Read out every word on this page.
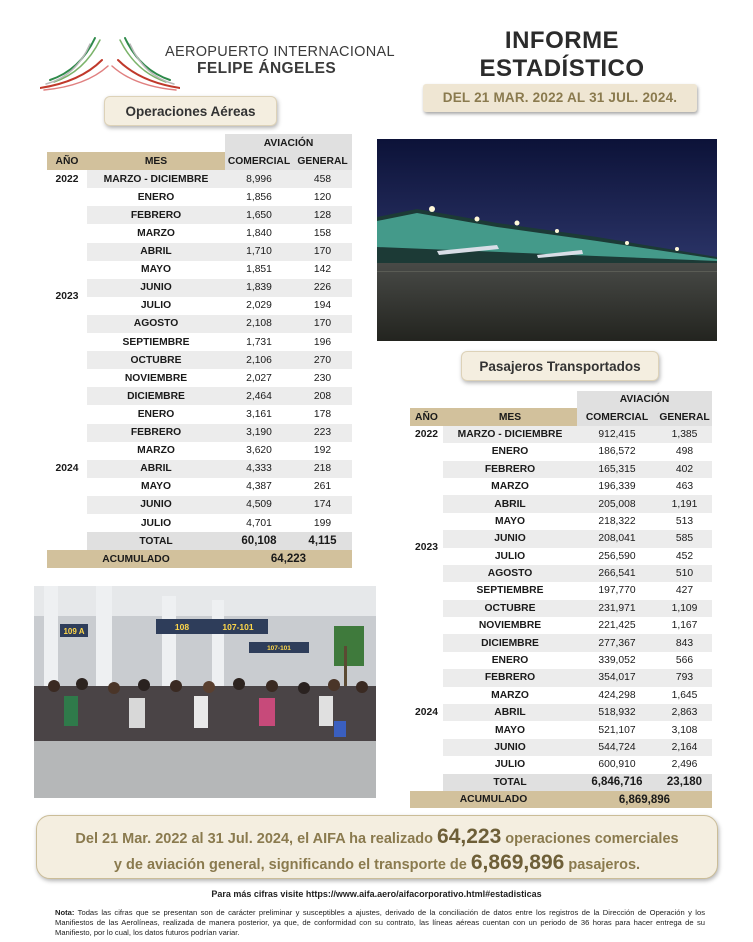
AEROPUERTO INTERNACIONAL
FELIPE ÁNGELES
INFORME
ESTADÍSTICO
DEL 21 MAR. 2022 AL 31 JUL. 2024.
Operaciones Aéreas
Pasajeros Transportados
		AVIACIÓN	
AÑO	MES	COMERCIAL	GENERAL
2022	MARZO - DICIEMBRE	8,996	458
2023	ENERO	1,856	120
	FEBRERO	1,650	128
	MARZO	1,840	158
	ABRIL	1,710	170
	MAYO	1,851	142
	JUNIO	1,839	226
	JULIO	2,029	194
	AGOSTO	2,108	170
	SEPTIEMBRE	1,731	196
	OCTUBRE	2,106	270
	NOVIEMBRE	2,027	230
	DICIEMBRE	2,464	208
2024	ENERO	3,161	178
	FEBRERO	3,190	223
	MARZO	3,620	192
	ABRIL	4,333	218
	MAYO	4,387	261
	JUNIO	4,509	174
	JULIO	4,701	199
	TOTAL	60,108	4,115
ACUMULADO		64,223	
		AVIACIÓN	
AÑO	MES	COMERCIAL	GENERAL
2022	MARZO - DICIEMBRE	912,415	1,385
2023	ENERO	186,572	498
	FEBRERO	165,315	402
	MARZO	196,339	463
	ABRIL	205,008	1,191
	MAYO	218,322	513
	JUNIO	208,041	585
	JULIO	256,590	452
	AGOSTO	266,541	510
	SEPTIEMBRE	197,770	427
	OCTUBRE	231,971	1,109
	NOVIEMBRE	221,425	1,167
	DICIEMBRE	277,367	843
2024	ENERO	339,052	566
	FEBRERO	354,017	793
	MARZO	424,298	1,645
	ABRIL	518,932	2,863
	MAYO	521,107	3,108
	JUNIO	544,724	2,164
	JULIO	600,910	2,496
	TOTAL	6,846,716	23,180
ACUMULADO		6,869,896	
109 A	108	107-101
107-101
Del 21 Mar. 2022 al 31 Jul. 2024, el AIFA ha realizado 64,223 operaciones comerciales
y de aviación general, significando el transporte de 6,869,896 pasajeros.
Para más cifras visite https://www.aifa.aero/aifacorporativo.html#estadisticas
Nota: Todas las cifras que se presentan son de carácter preliminar y susceptibles a ajustes, derivado de la conciliación de datos entre los registros de la Dirección de Operación y los Manifiestos de las Aerolíneas, realizada de manera posterior, ya que, de conformidad con su contrato, las líneas aéreas cuentan con un periodo de 36 horas para hacer entrega de su Manifiesto, por lo cual, los datos futuros podrían variar.
